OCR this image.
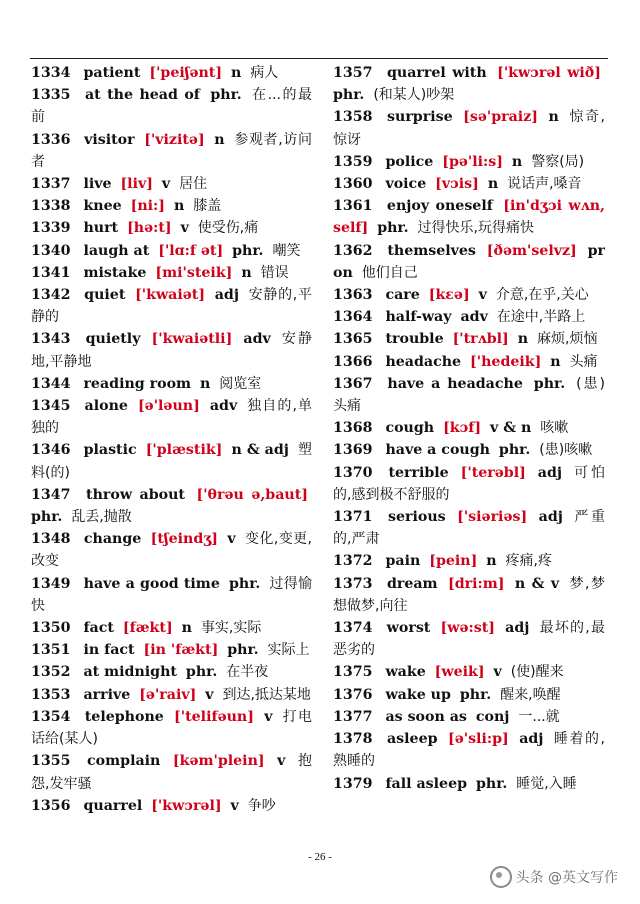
1334 patient ['peiʃənt] n 病人
1335 at the head of phr. 在...的最前
1336 visitor ['vizitə] n 参观者,访问者
1337 live [liv] v 居住
1338 knee [ni:] n 膝盖
1339 hurt [hə:t] v 使受伤,痛
1340 laugh at ['lɑ:f ət] phr. 嘲笑
1341 mistake [mi'steik] n 错误
1342 quiet ['kwaiət] adj 安静的,平静的
1343 quietly ['kwaiətli] adv 安静地,平静地
1344 reading room n 阅览室
1345 alone [ə'ləun] adv 独自的,单独的
1346 plastic ['plæstik] n & adj 塑料(的)
1347 throw about ['θrəu ə,baut] phr. 乱丢,抛散
1348 change [tʃeindʒ] v 变化,变更,改变
1349 have a good time phr. 过得愉快
1350 fact [fækt] n 事实,实际
1351 in fact [in 'fækt] phr. 实际上
1352 at midnight phr. 在半夜
1353 arrive [ə'raiv] v 到达,抵达某地
1354 telephone ['telifəun] v 打电话给(某人)
1355 complain [kəm'plein] v 抱怨,发牢骚
1356 quarrel ['kwɔrəl] v 争吵
1357 quarrel with ['kwɔrəl wið] phr. (和某人)吵架
1358 surprise [sə'praiz] n 惊奇,惊讶
1359 police [pə'li:s] n 警察(局)
1360 voice [vɔis] n 说话声,嗓音
1361 enjoy oneself [in'dʒɔi wʌn,self] phr. 过得快乐,玩得痛快
1362 themselves [ðəm'selvz] pron 他们自己
1363 care [kɛə] v 介意,在乎,关心
1364 half-way adv 在途中,半路上
1365 trouble ['trʌbl] n 麻烦,烦恼
1366 headache ['hedeik] n 头痛
1367 have a headache phr. (患)头痛
1368 cough [kɔf] v & n 咳嗽
1369 have a cough phr. (患)咳嗽
1370 terrible ['terəbl] adj 可怕的,感到极不舒服的
1371 serious ['siəriəs] adj 严重的,严肃
1372 pain [pein] n 疼痛,疼
1373 dream [dri:m] n & v 梦,梦想做梦,向往
1374 worst [wə:st] adj 最坏的,最恶劣的
1375 wake [weik] v (使)醒来
1376 wake up phr. 醒来,唤醒
1377 as soon as conj 一...就
1378 asleep [ə'sli:p] adj 睡着的,熟睡的
1379 fall asleep phr. 睡觉,入睡
- 26 -
头条 @英文写作
